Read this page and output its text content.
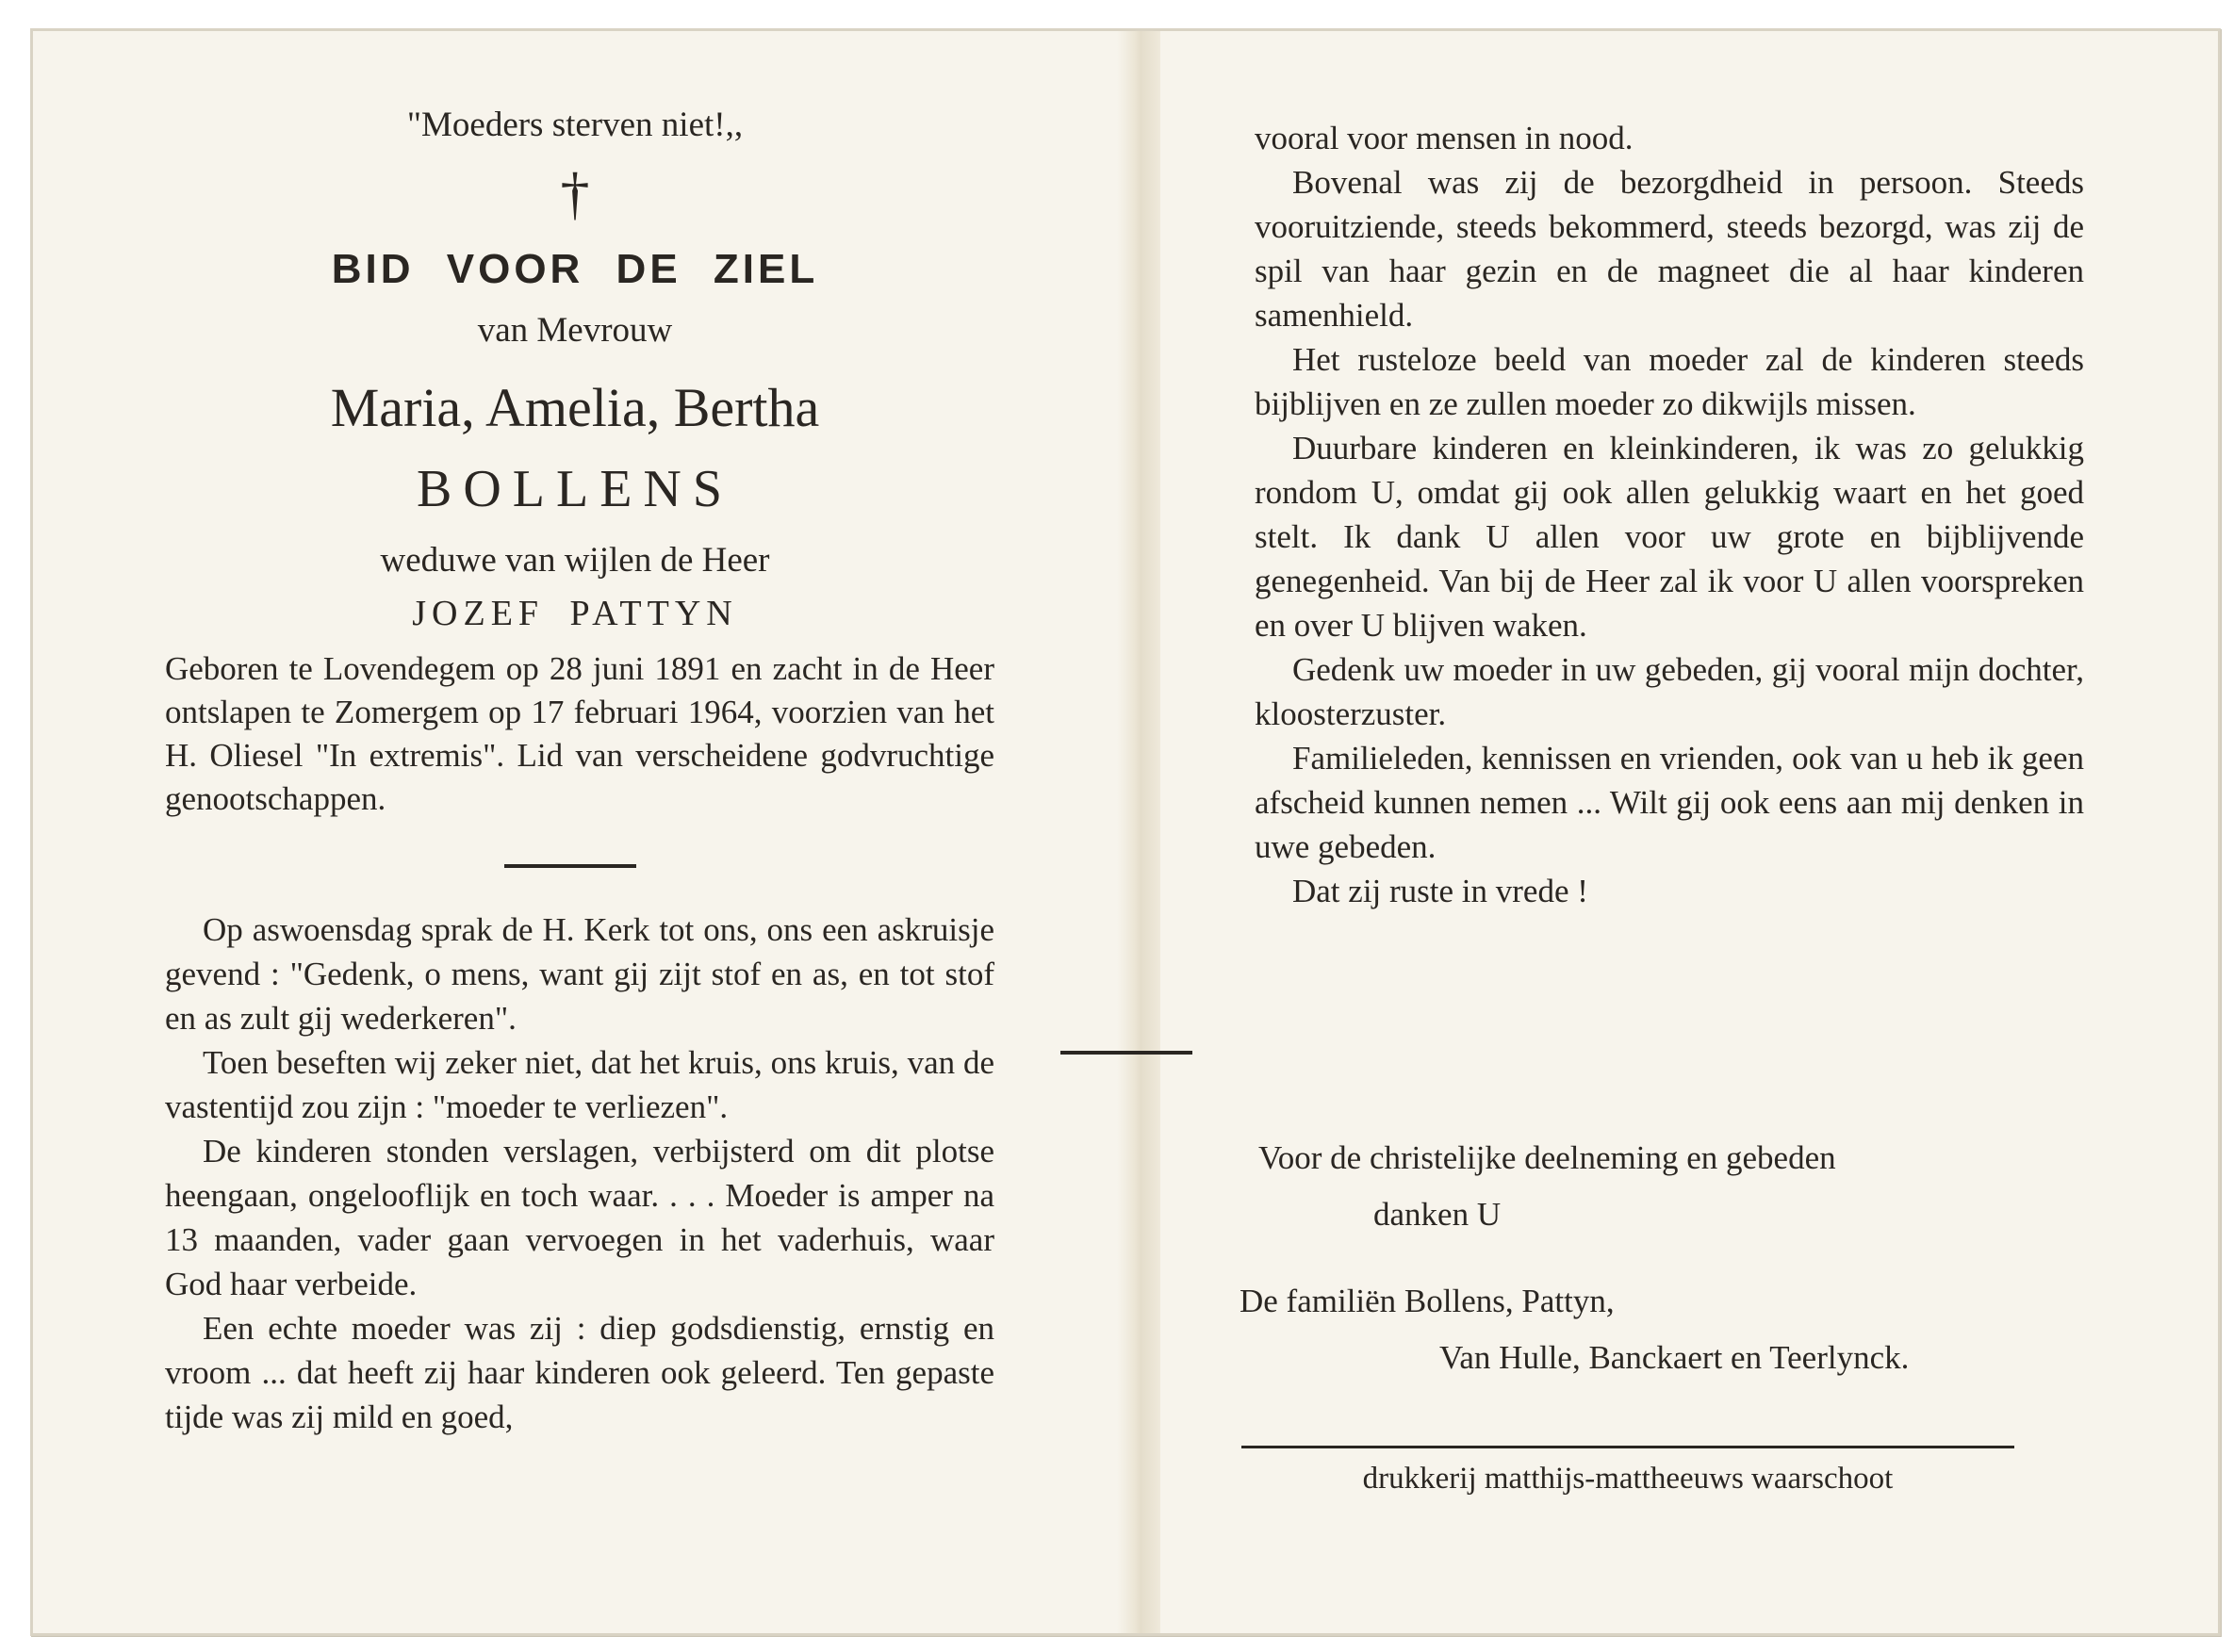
"Moeders sterven niet!,,
†
BID VOOR DE ZIEL
van Mevrouw
Maria, Amelia, Bertha
BOLLENS
weduwe van wijlen de Heer
JOZEF PATTYN

Geboren te Lovendegem op 28 juni 1891 en zacht in de Heer ontslapen te Zomergem op 17 februari 1964, voorzien van het H. Oliesel "In extremis". Lid van verscheidene godvruchtige genootschappen.

Op aswoensdag sprak de H. Kerk tot ons, ons een askruisje gevend : "Gedenk, o mens, want gij zijt stof en as, en tot stof en as zult gij wederkeren".

Toen beseften wij zeker niet, dat het kruis, ons kruis, van de vastentijd zou zijn : "moeder te verliezen".

De kinderen stonden verslagen, verbijsterd om dit plotse heengaan, ongelooflijk en toch waar. . . . Moeder is amper na 13 maanden, vader gaan vervoegen in het vaderhuis, waar God haar verbeide.

Een echte moeder was zij : diep godsdienstig, ernstig en vroom ... dat heeft zij haar kinderen ook geleerd. Ten gepaste tijde was zij mild en goed,

vooral voor mensen in nood.

Bovenal was zij de bezorgdheid in persoon. Steeds vooruitziende, steeds bekommerd, steeds bezorgd, was zij de spil van haar gezin en de magneet die al haar kinderen samenhield.

Het rusteloze beeld van moeder zal de kinderen steeds bijblijven en ze zullen moeder zo dikwijls missen.

Duurbare kinderen en kleinkinderen, ik was zo gelukkig rondom U, omdat gij ook allen gelukkig waart en het goed stelt. Ik dank U allen voor uw grote en bijblijvende genegenheid. Van bij de Heer zal ik voor U allen voorspreken en over U blijven waken.

Gedenk uw moeder in uw gebeden, gij vooral mijn dochter, kloosterzuster.

Familieleden, kennissen en vrienden, ook van u heb ik geen afscheid kunnen nemen ... Wilt gij ook eens aan mij denken in uwe gebeden.

Dat zij ruste in vrede !

Voor de christelijke deelneming en gebeden
danken U
De familiën Bollens, Pattyn,
Van Hulle, Banckaert en Teerlynck.
drukkerij matthijs-mattheeuws waarschoot
